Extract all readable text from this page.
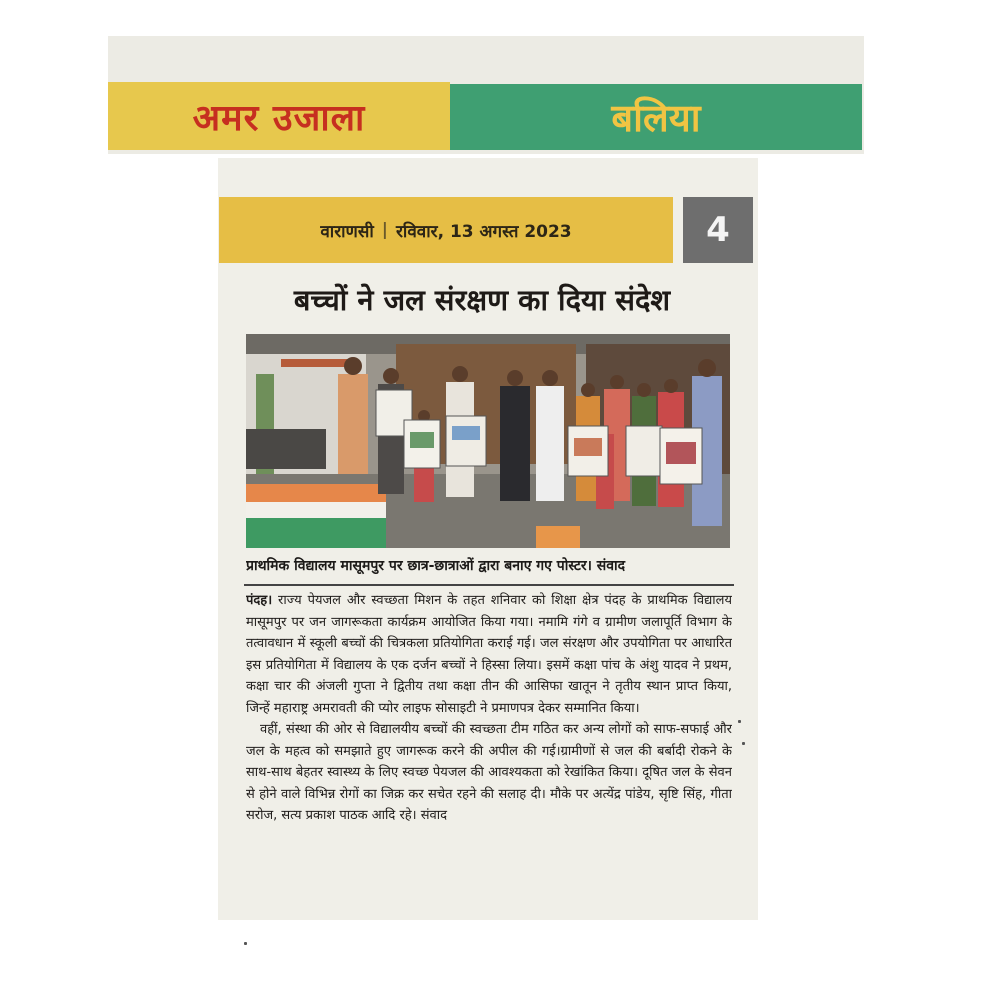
अमर उजाला	बलिया
वाराणसी | रविवार, 13 अगस्त 2023	4
बच्चों ने जल संरक्षण का दिया संदेश
प्राथमिक विद्यालय मासूमपुर पर छात्र-छात्राओं द्वारा बनाए गए पोस्टर। संवाद

पंदह। राज्य पेयजल और स्वच्छता मिशन के तहत शनिवार को शिक्षा क्षेत्र पंदह के प्राथमिक विद्यालय मासूमपुर पर जन जागरूकता कार्यक्रम आयोजित किया गया। नमामि गंगे व ग्रामीण जलापूर्ति विभाग के तत्वावधान में स्कूली बच्चों की चित्रकला प्रतियोगिता कराई गई। जल संरक्षण और उपयोगिता पर आधारित इस प्रतियोगिता में विद्यालय के एक दर्जन बच्चों ने हिस्सा लिया। इसमें कक्षा पांच के अंशु यादव ने प्रथम, कक्षा चार की अंजली गुप्ता ने द्वितीय तथा कक्षा तीन की आसिफा खातून ने तृतीय स्थान प्राप्त किया, जिन्हें महाराष्ट्र अमरावती की प्योर लाइफ सोसाइटी ने प्रमाणपत्र देकर सम्मानित किया।

वहीं, संस्था की ओर से विद्यालयीय बच्चों की स्वच्छता टीम गठित कर अन्य लोगों को साफ-सफाई और जल के महत्व को समझाते हुए जागरूक करने की अपील की गई।ग्रामीणों से जल की बर्बादी रोकने के साथ-साथ बेहतर स्वास्थ्य के लिए स्वच्छ पेयजल की आवश्यकता को रेखांकित किया। दूषित जल के सेवन से होने वाले विभिन्न रोगों का जिक्र कर सचेत रहने की सलाह दी। मौके पर अत्येंद्र पांडेय, सृष्टि सिंह, गीता सरोज, सत्य प्रकाश पाठक आदि रहे। संवाद
